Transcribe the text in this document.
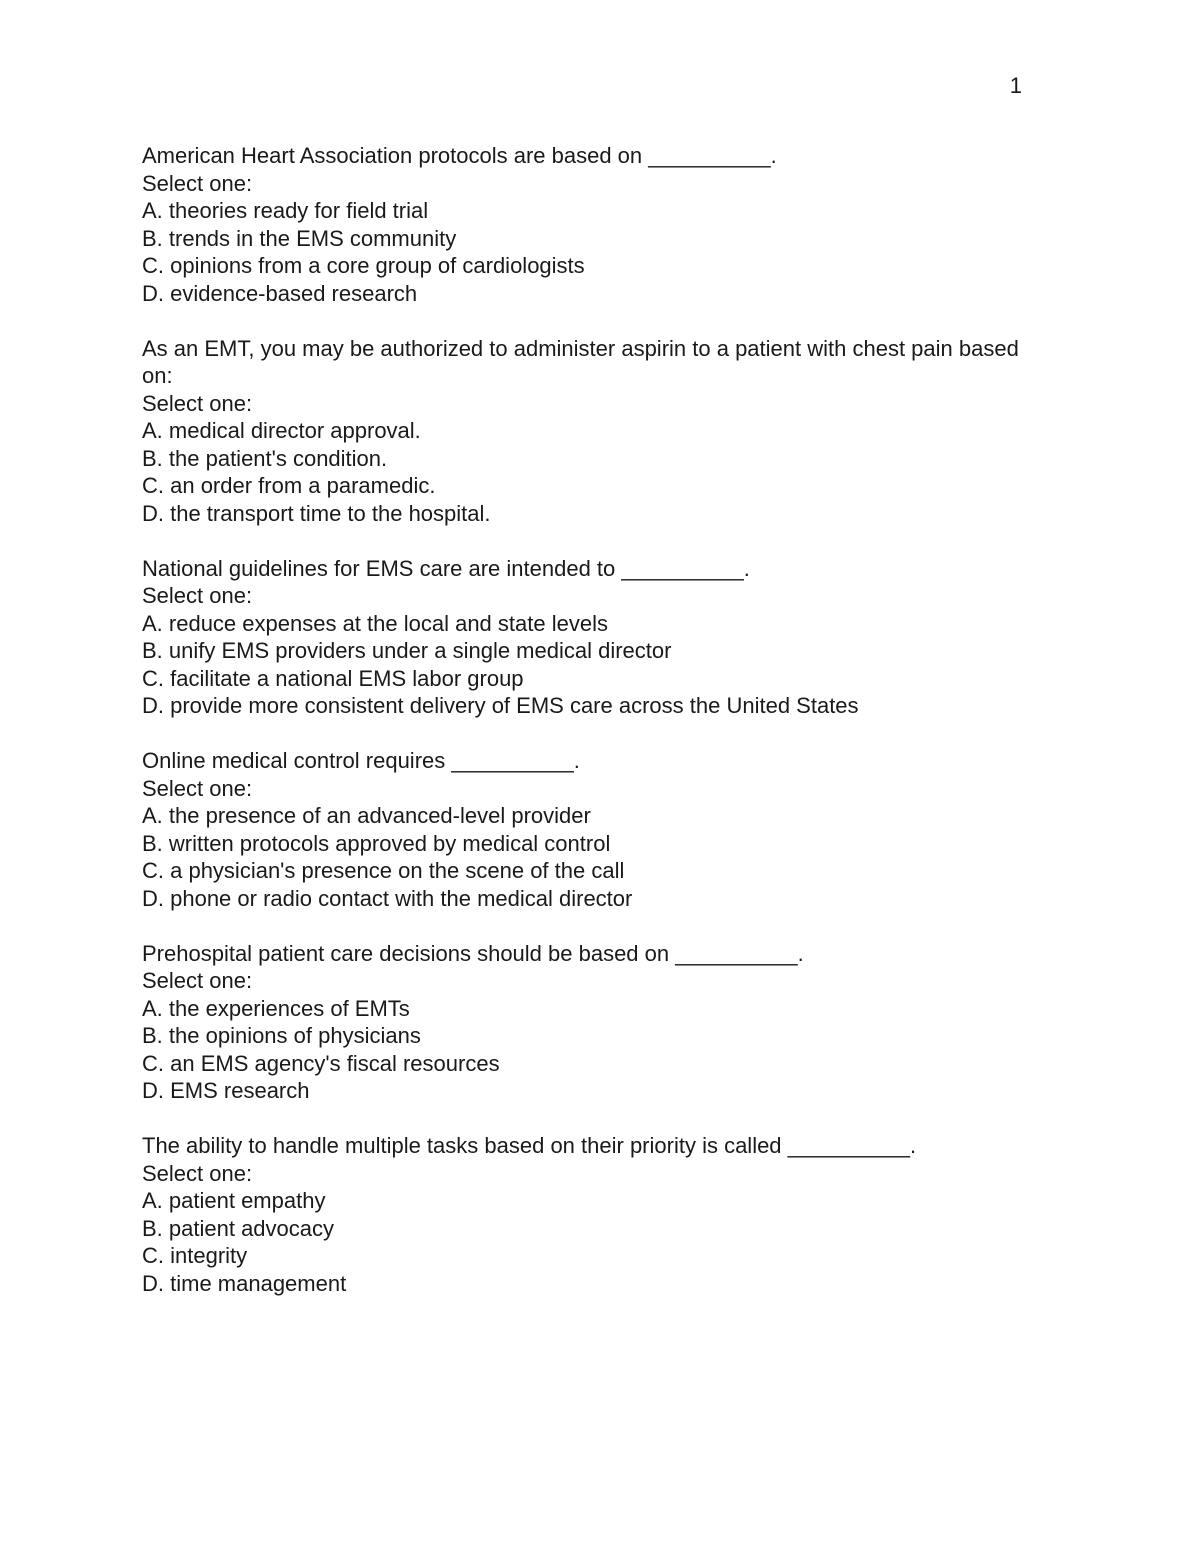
1
American Heart Association protocols are based on __________.
Select one:
A. theories ready for field trial
B. trends in the EMS community
C. opinions from a core group of cardiologists
D. evidence-based research
As an EMT, you may be authorized to administer aspirin to a patient with chest pain based on:
Select one:
A. medical director approval.
B. the patient's condition.
C. an order from a paramedic.
D. the transport time to the hospital.
National guidelines for EMS care are intended to __________.
Select one:
A. reduce expenses at the local and state levels
B. unify EMS providers under a single medical director
C. facilitate a national EMS labor group
D. provide more consistent delivery of EMS care across the United States
Online medical control requires __________.
Select one:
A. the presence of an advanced-level provider
B. written protocols approved by medical control
C. a physician's presence on the scene of the call
D. phone or radio contact with the medical director
Prehospital patient care decisions should be based on __________.
Select one:
A. the experiences of EMTs
B. the opinions of physicians
C. an EMS agency's fiscal resources
D. EMS research
The ability to handle multiple tasks based on their priority is called __________.
Select one:
A. patient empathy
B. patient advocacy
C. integrity
D. time management
